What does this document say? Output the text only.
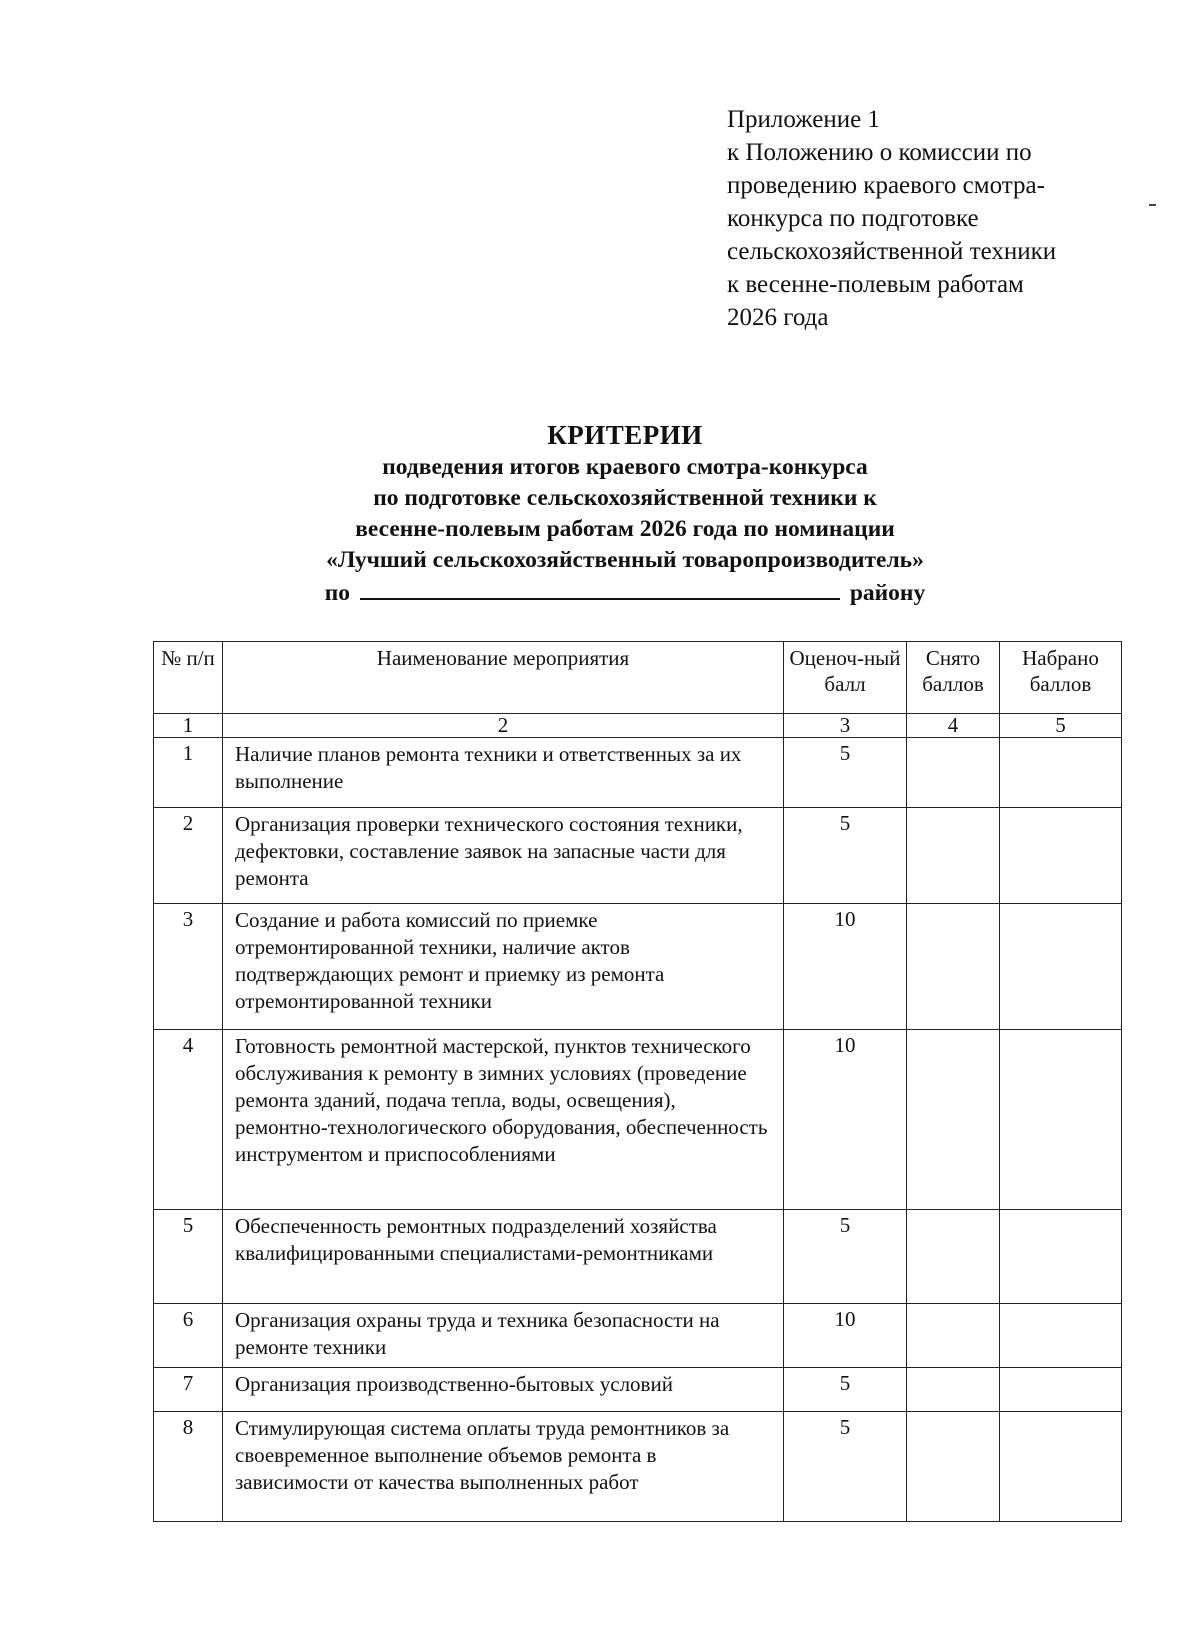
Приложение 1
к Положению о комиссии по
проведению краевого смотра-
конкурса по подготовке
сельскохозяйственной техники
к весенне-полевым работам
2026 года
КРИТЕРИИ
подведения итогов краевого смотра-конкурса
по подготовке сельскохозяйственной техники к
весенне-полевым работам 2026 года по номинации
«Лучший сельскохозяйственный товаропроизводитель»
по	району
№ п/п	Наименование мероприятия	Оценоч-ный балл	Снято баллов	Набрано баллов
1	2	3	4	5
1	Наличие планов ремонта техники и ответственных за их выполнение	5		
2	Организация проверки технического состояния техники, дефектовки, составление заявок на запасные части для ремонта	5		
3	Создание и работа комиссий по приемке отремонтированной техники, наличие актов подтверждающих ремонт и приемку из ремонта отремонтированной техники	10		
4	Готовность ремонтной мастерской, пунктов технического обслуживания к ремонту в зимних условиях (проведение ремонта зданий, подача тепла, воды, освещения), ремонтно-технологического оборудования, обеспеченность инструментом и приспособлениями	10		
5	Обеспеченность ремонтных подразделений хозяйства квалифицированными специалистами-ремонтниками	5		
6	Организация охраны труда и техника безопасности на ремонте техники	10		
7	Организация производственно-бытовых условий	5		
8	Стимулирующая система оплаты труда ремонтников за своевременное выполнение объемов ремонта в зависимости от качества выполненных работ	5		
